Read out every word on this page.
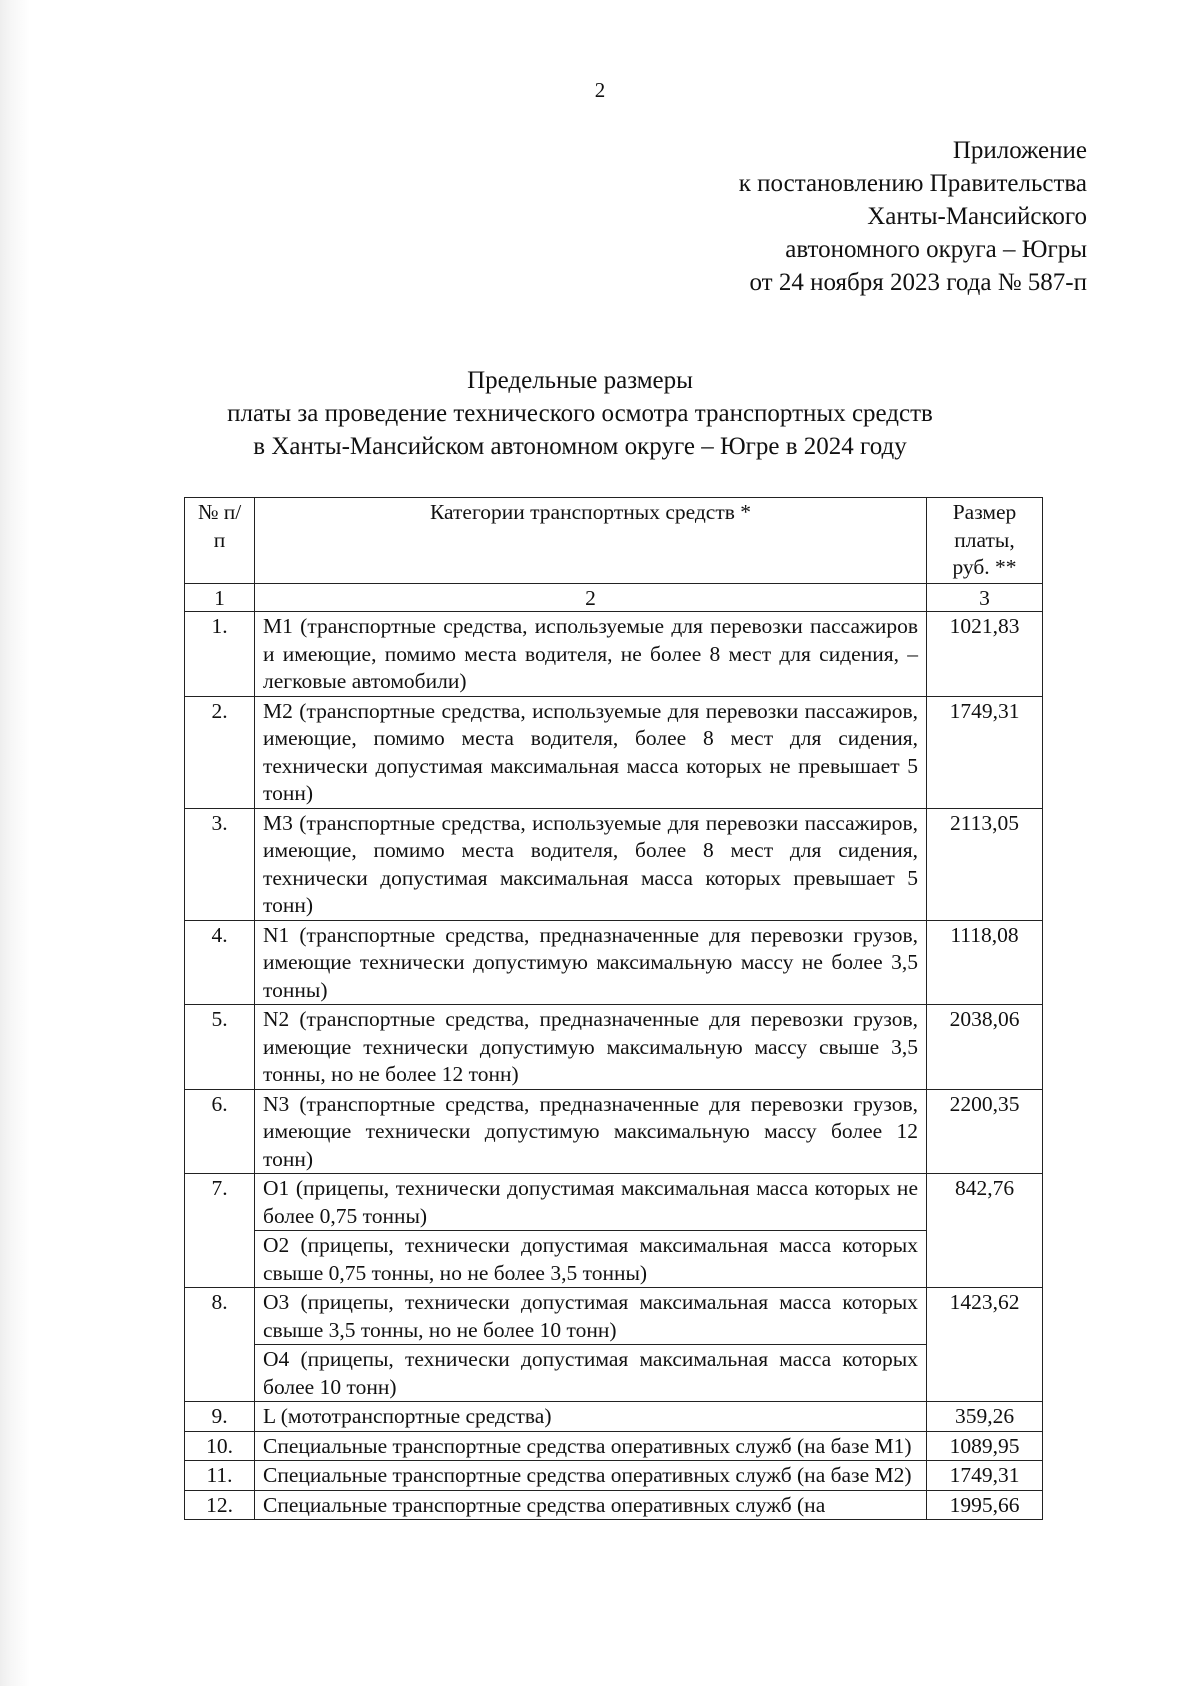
2
Приложение
к постановлению Правительства
Ханты-Мансийского
автономного округа – Югры
от 24 ноября 2023 года № 587-п
Предельные размеры
платы за проведение технического осмотра транспортных средств
в Ханты-Мансийском автономном округе – Югре в 2024 году
№ п/п	Категории транспортных средств *	Размер платы, руб. **
1	2	3
1.	M1 (транспортные средства, используемые для перевозки пассажиров и имеющие, помимо места водителя, не более 8 мест для сидения, – легковые автомобили)	1021,83
2.	M2 (транспортные средства, используемые для перевозки пассажиров, имеющие, помимо места водителя, более 8 мест для сидения, технически допустимая максимальная масса которых не превышает 5 тонн)	1749,31
3.	M3 (транспортные средства, используемые для перевозки пассажиров, имеющие, помимо места водителя, более 8 мест для сидения, технически допустимая максимальная масса которых превышает 5 тонн)	2113,05
4.	N1 (транспортные средства, предназначенные для перевозки грузов, имеющие технически допустимую максимальную массу не более 3,5 тонны)	1118,08
5.	N2 (транспортные средства, предназначенные для перевозки грузов, имеющие технически допустимую максимальную массу свыше 3,5 тонны, но не более 12 тонн)	2038,06
6.	N3 (транспортные средства, предназначенные для перевозки грузов, имеющие технически допустимую максимальную массу более 12 тонн)	2200,35
7.	O1 (прицепы, технически допустимая максимальная масса которых не более 0,75 тонны)	842,76
	O2 (прицепы, технически допустимая максимальная масса которых свыше 0,75 тонны, но не более 3,5 тонны)	
8.	O3 (прицепы, технически допустимая максимальная масса которых свыше 3,5 тонны, но не более 10 тонн)	1423,62
	O4 (прицепы, технически допустимая максимальная масса которых более 10 тонн)	
9.	L (мототранспортные средства)	359,26
10.	Специальные транспортные средства оперативных служб (на базе M1)	1089,95
11.	Специальные транспортные средства оперативных служб (на базе M2)	1749,31
12.	Специальные транспортные средства оперативных служб (на	1995,66
